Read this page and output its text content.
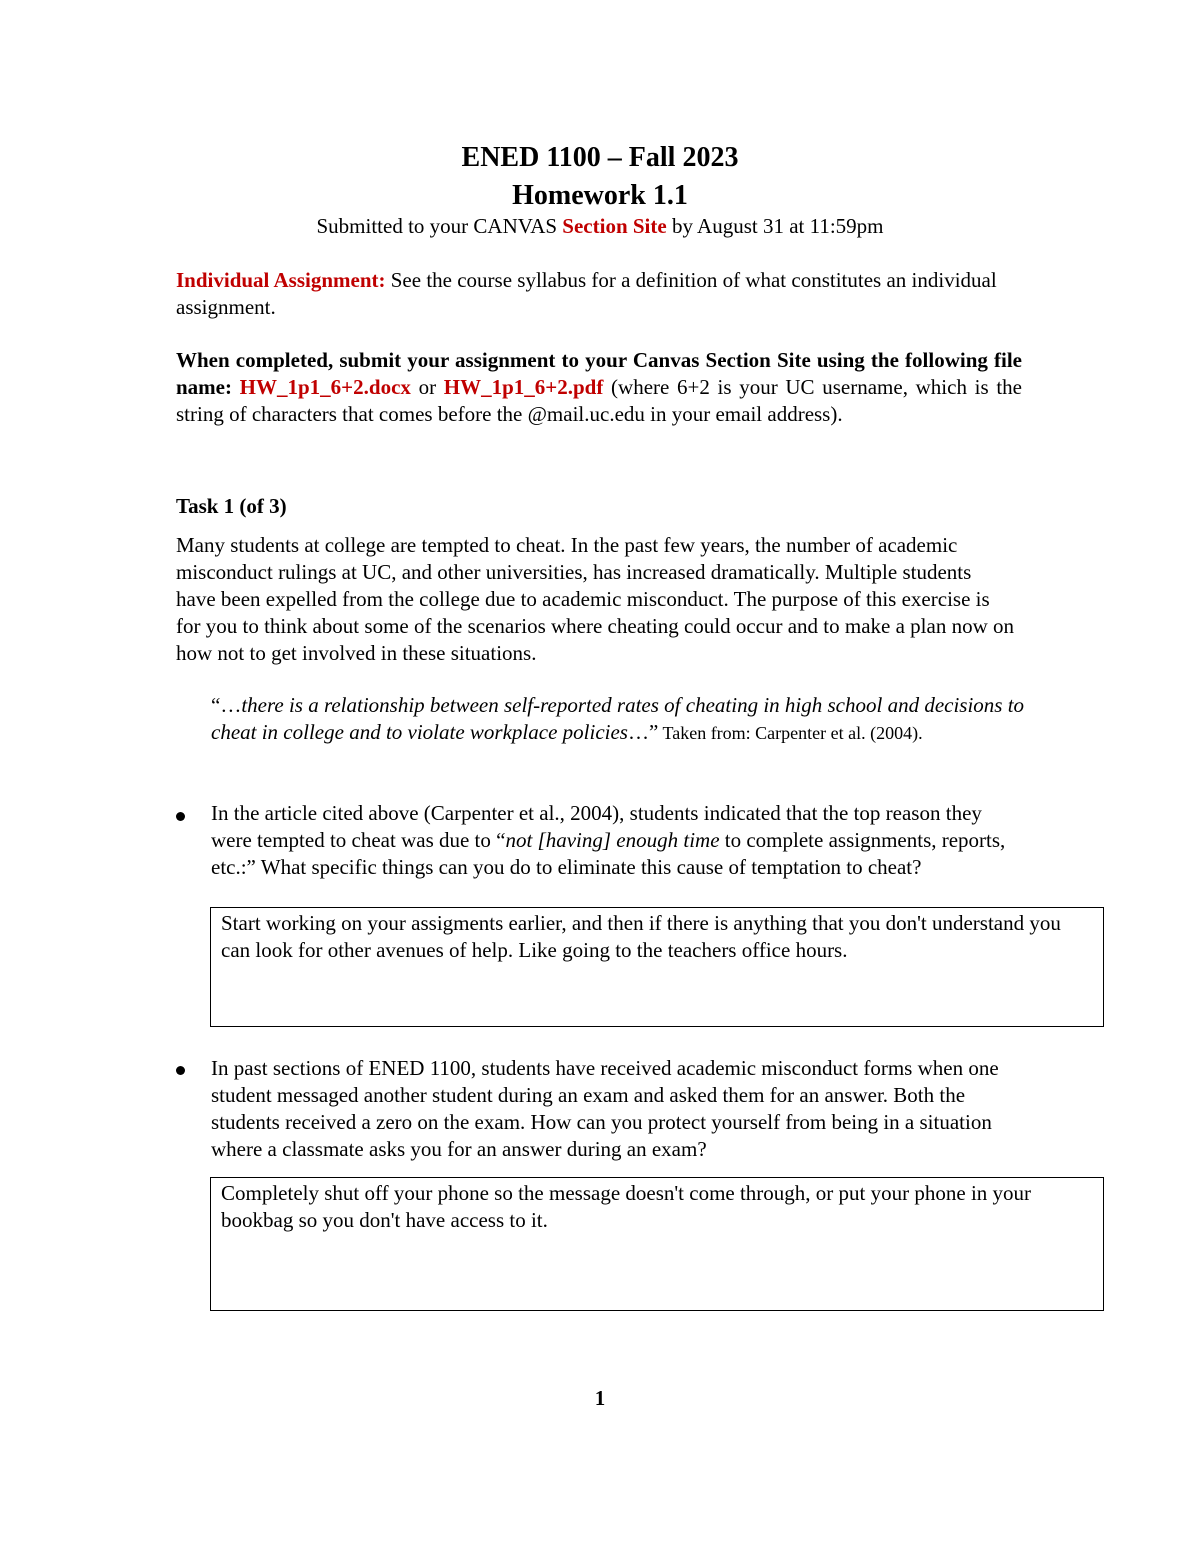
ENED 1100 – Fall 2023
Homework 1.1
Submitted to your CANVAS Section Site by August 31 at 11:59pm
Individual Assignment: See the course syllabus for a definition of what constitutes an individual assignment.
When completed, submit your assignment to your Canvas Section Site using the following file name: HW_1p1_6+2.docx or HW_1p1_6+2.pdf (where 6+2 is your UC username, which is the string of characters that comes before the @mail.uc.edu in your email address).
Task 1 (of 3)
Many students at college are tempted to cheat. In the past few years, the number of academic misconduct rulings at UC, and other universities, has increased dramatically. Multiple students have been expelled from the college due to academic misconduct. The purpose of this exercise is for you to think about some of the scenarios where cheating could occur and to make a plan now on how not to get involved in these situations.
“…there is a relationship between self-reported rates of cheating in high school and decisions to cheat in college and to violate workplace policies…” Taken from: Carpenter et al. (2004).
In the article cited above (Carpenter et al., 2004), students indicated that the top reason they were tempted to cheat was due to “not [having] enough time to complete assignments, reports, etc.:” What specific things can you do to eliminate this cause of temptation to cheat?
Start working on your assigments earlier, and then if there is anything that you don't understand you can look for other avenues of help. Like going to the teachers office hours.
In past sections of ENED 1100, students have received academic misconduct forms when one student messaged another student during an exam and asked them for an answer. Both the students received a zero on the exam. How can you protect yourself from being in a situation where a classmate asks you for an answer during an exam?
Completely shut off your phone so the message doesn't come through, or put your phone in your bookbag so you don't have access to it.
1
